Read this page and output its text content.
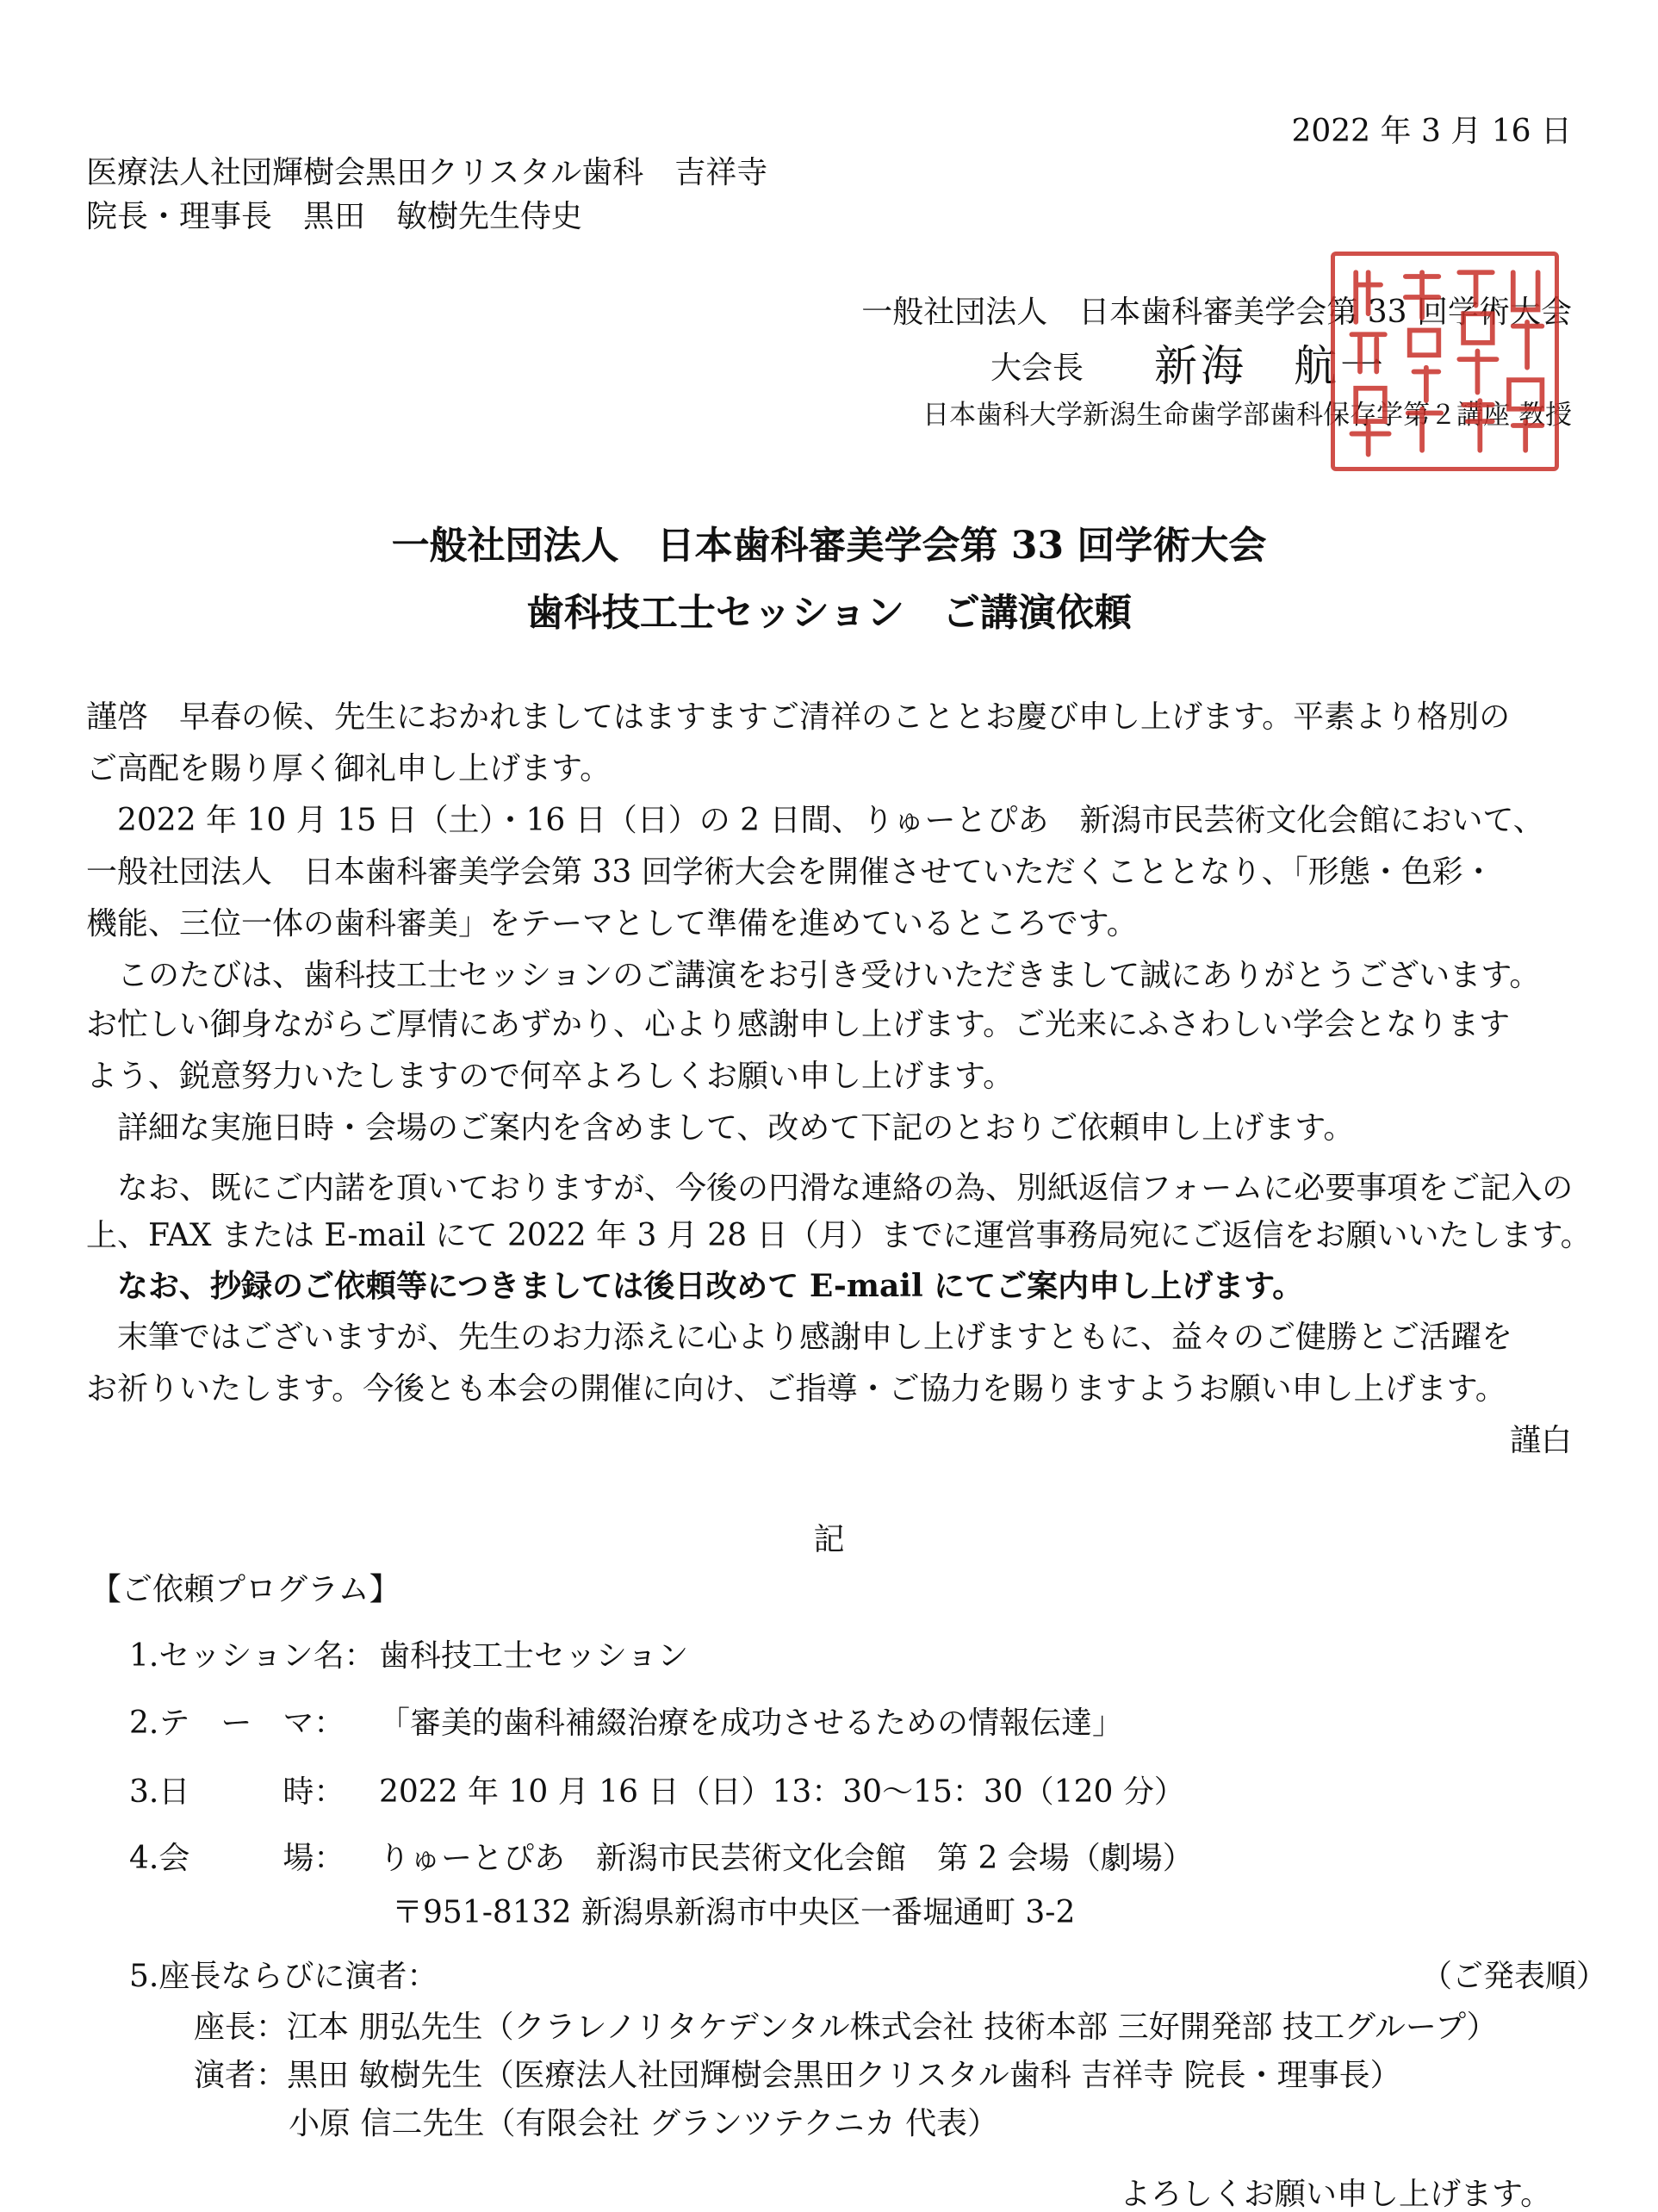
2022 年 3 月 16 日
医療法人社団輝樹会黒田クリスタル歯科　吉祥寺
院長・理事長　黒田　敏樹先生侍史
一般社団法人　日本歯科審美学会第 33 回学術大会
大会長 新海　航一
日本歯科大学新潟生命歯学部歯科保存学第２講座 教授
一般社団法人　日本歯科審美学会第 33 回学術大会
歯科技工士セッション　ご講演依頼
謹啓　早春の候、先生におかれましてはますますご清祥のこととお慶び申し上げます。平素より格別の
ご高配を賜り厚く御礼申し上げます。
　2022 年 10 月 15 日（土）・16 日（日）の 2 日間、りゅーとぴあ　新潟市民芸術文化会館において、
一般社団法人　日本歯科審美学会第 33 回学術大会を開催させていただくこととなり、「形態・色彩・
機能、三位一体の歯科審美」をテーマとして準備を進めているところです。
　このたびは、歯科技工士セッションのご講演をお引き受けいただきまして誠にありがとうございます。
お忙しい御身ながらご厚情にあずかり、心より感謝申し上げます。ご光来にふさわしい学会となります
よう、鋭意努力いたしますので何卒よろしくお願い申し上げます。
　詳細な実施日時・会場のご案内を含めまして、改めて下記のとおりご依頼申し上げます。
　なお、既にご内諾を頂いておりますが、今後の円滑な連絡の為、別紙返信フォームに必要事項をご記入の
上、FAX または E-mail にて 2022 年 3 月 28 日（月）までに運営事務局宛にご返信をお願いいたします。
　なお、抄録のご依頼等につきましては後日改めて E-mail にてご案内申し上げます。
　末筆ではございますが、先生のお力添えに心より感謝申し上げますともに、益々のご健勝とご活躍を
お祈りいたします。今後とも本会の開催に向け、ご指導・ご協力を賜りますようお願い申し上げます。
謹白
記
【ご依頼プログラム】
1.セッション名： 歯科技工士セッション
2.テ　ー　マ： 「審美的歯科補綴治療を成功させるための情報伝達」
3.日　　　時： 2022 年 10 月 16 日（日）13：30〜15：30（120 分）
4.会　　　場： りゅーとぴあ　新潟市民芸術文化会館　第 2 会場（劇場）
〒951-8132 新潟県新潟市中央区一番堀通町 3-2
5.座長ならびに演者：	（ご発表順）
座長：江本 朋弘先生（クラレノリタケデンタル株式会社 技術本部 三好開発部 技工グループ）
演者：黒田 敏樹先生（医療法人社団輝樹会黒田クリスタル歯科 吉祥寺 院長・理事長）
小原 信二先生（有限会社 グランツテクニカ 代表）
よろしくお願い申し上げます。
